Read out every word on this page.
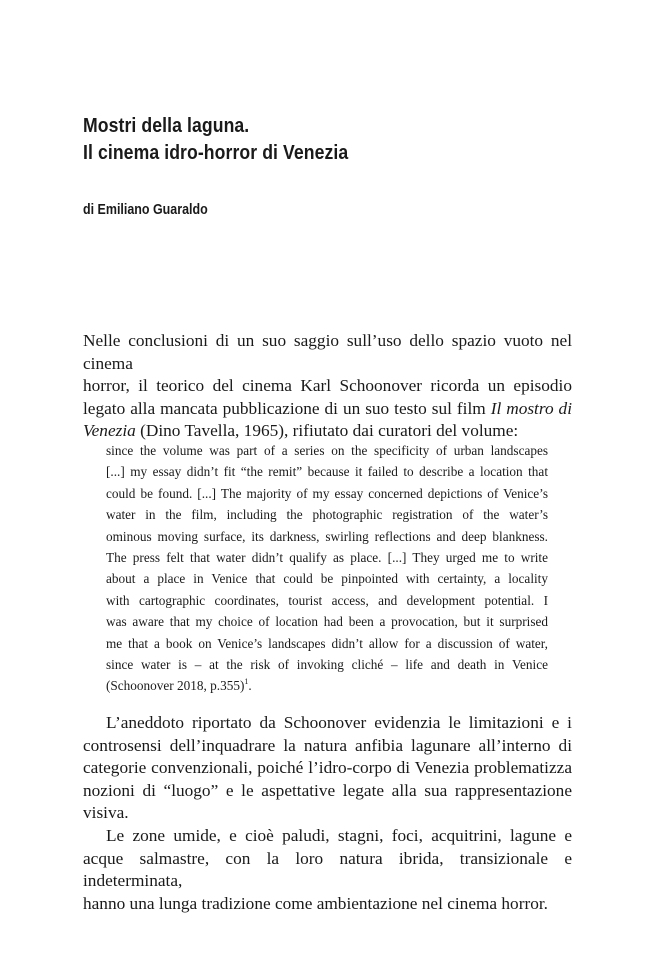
Mostri della laguna.
Il cinema idro-horror di Venezia
di Emiliano Guaraldo
Nelle conclusioni di un suo saggio sull’uso dello spazio vuoto nel cinema
horror, il teorico del cinema Karl Schoonover ricorda un episodio
legato alla mancata pubblicazione di un suo testo sul film Il mostro di
Venezia (Dino Tavella, 1965), rifiutato dai curatori del volume:
since the volume was part of a series on the specificity of urban landscapes
[...] my essay didn’t fit “the remit” because it failed to describe a location that
could be found. [...] The majority of my essay concerned depictions of Venice’s
water in the film, including the photographic registration of the water’s
ominous moving surface, its darkness, swirling reflections and deep blankness.
The press felt that water didn’t qualify as place. [...] They urged me to write
about a place in Venice that could be pinpointed with certainty, a locality
with cartographic coordinates, tourist access, and development potential. I
was aware that my choice of location had been a provocation, but it surprised
me that a book on Venice’s landscapes didn’t allow for a discussion of water,
since water is – at the risk of invoking cliché – life and death in Venice
(Schoonover 2018, p.355)$^1$.
L’aneddoto riportato da Schoonover evidenzia le limitazioni e i
controsensi dell’inquadrare la natura anfibia lagunare all’interno di
categorie convenzionali, poiché l’idro-corpo di Venezia problematizza
nozioni di “luogo” e le aspettative legate alla sua rappresentazione
visiva.
Le zone umide, e cioè paludi, stagni, foci, acquitrini, lagune e
acque salmastre, con la loro natura ibrida, transizionale e indeterminata,
hanno una lunga tradizione come ambientazione nel cinema horror.
